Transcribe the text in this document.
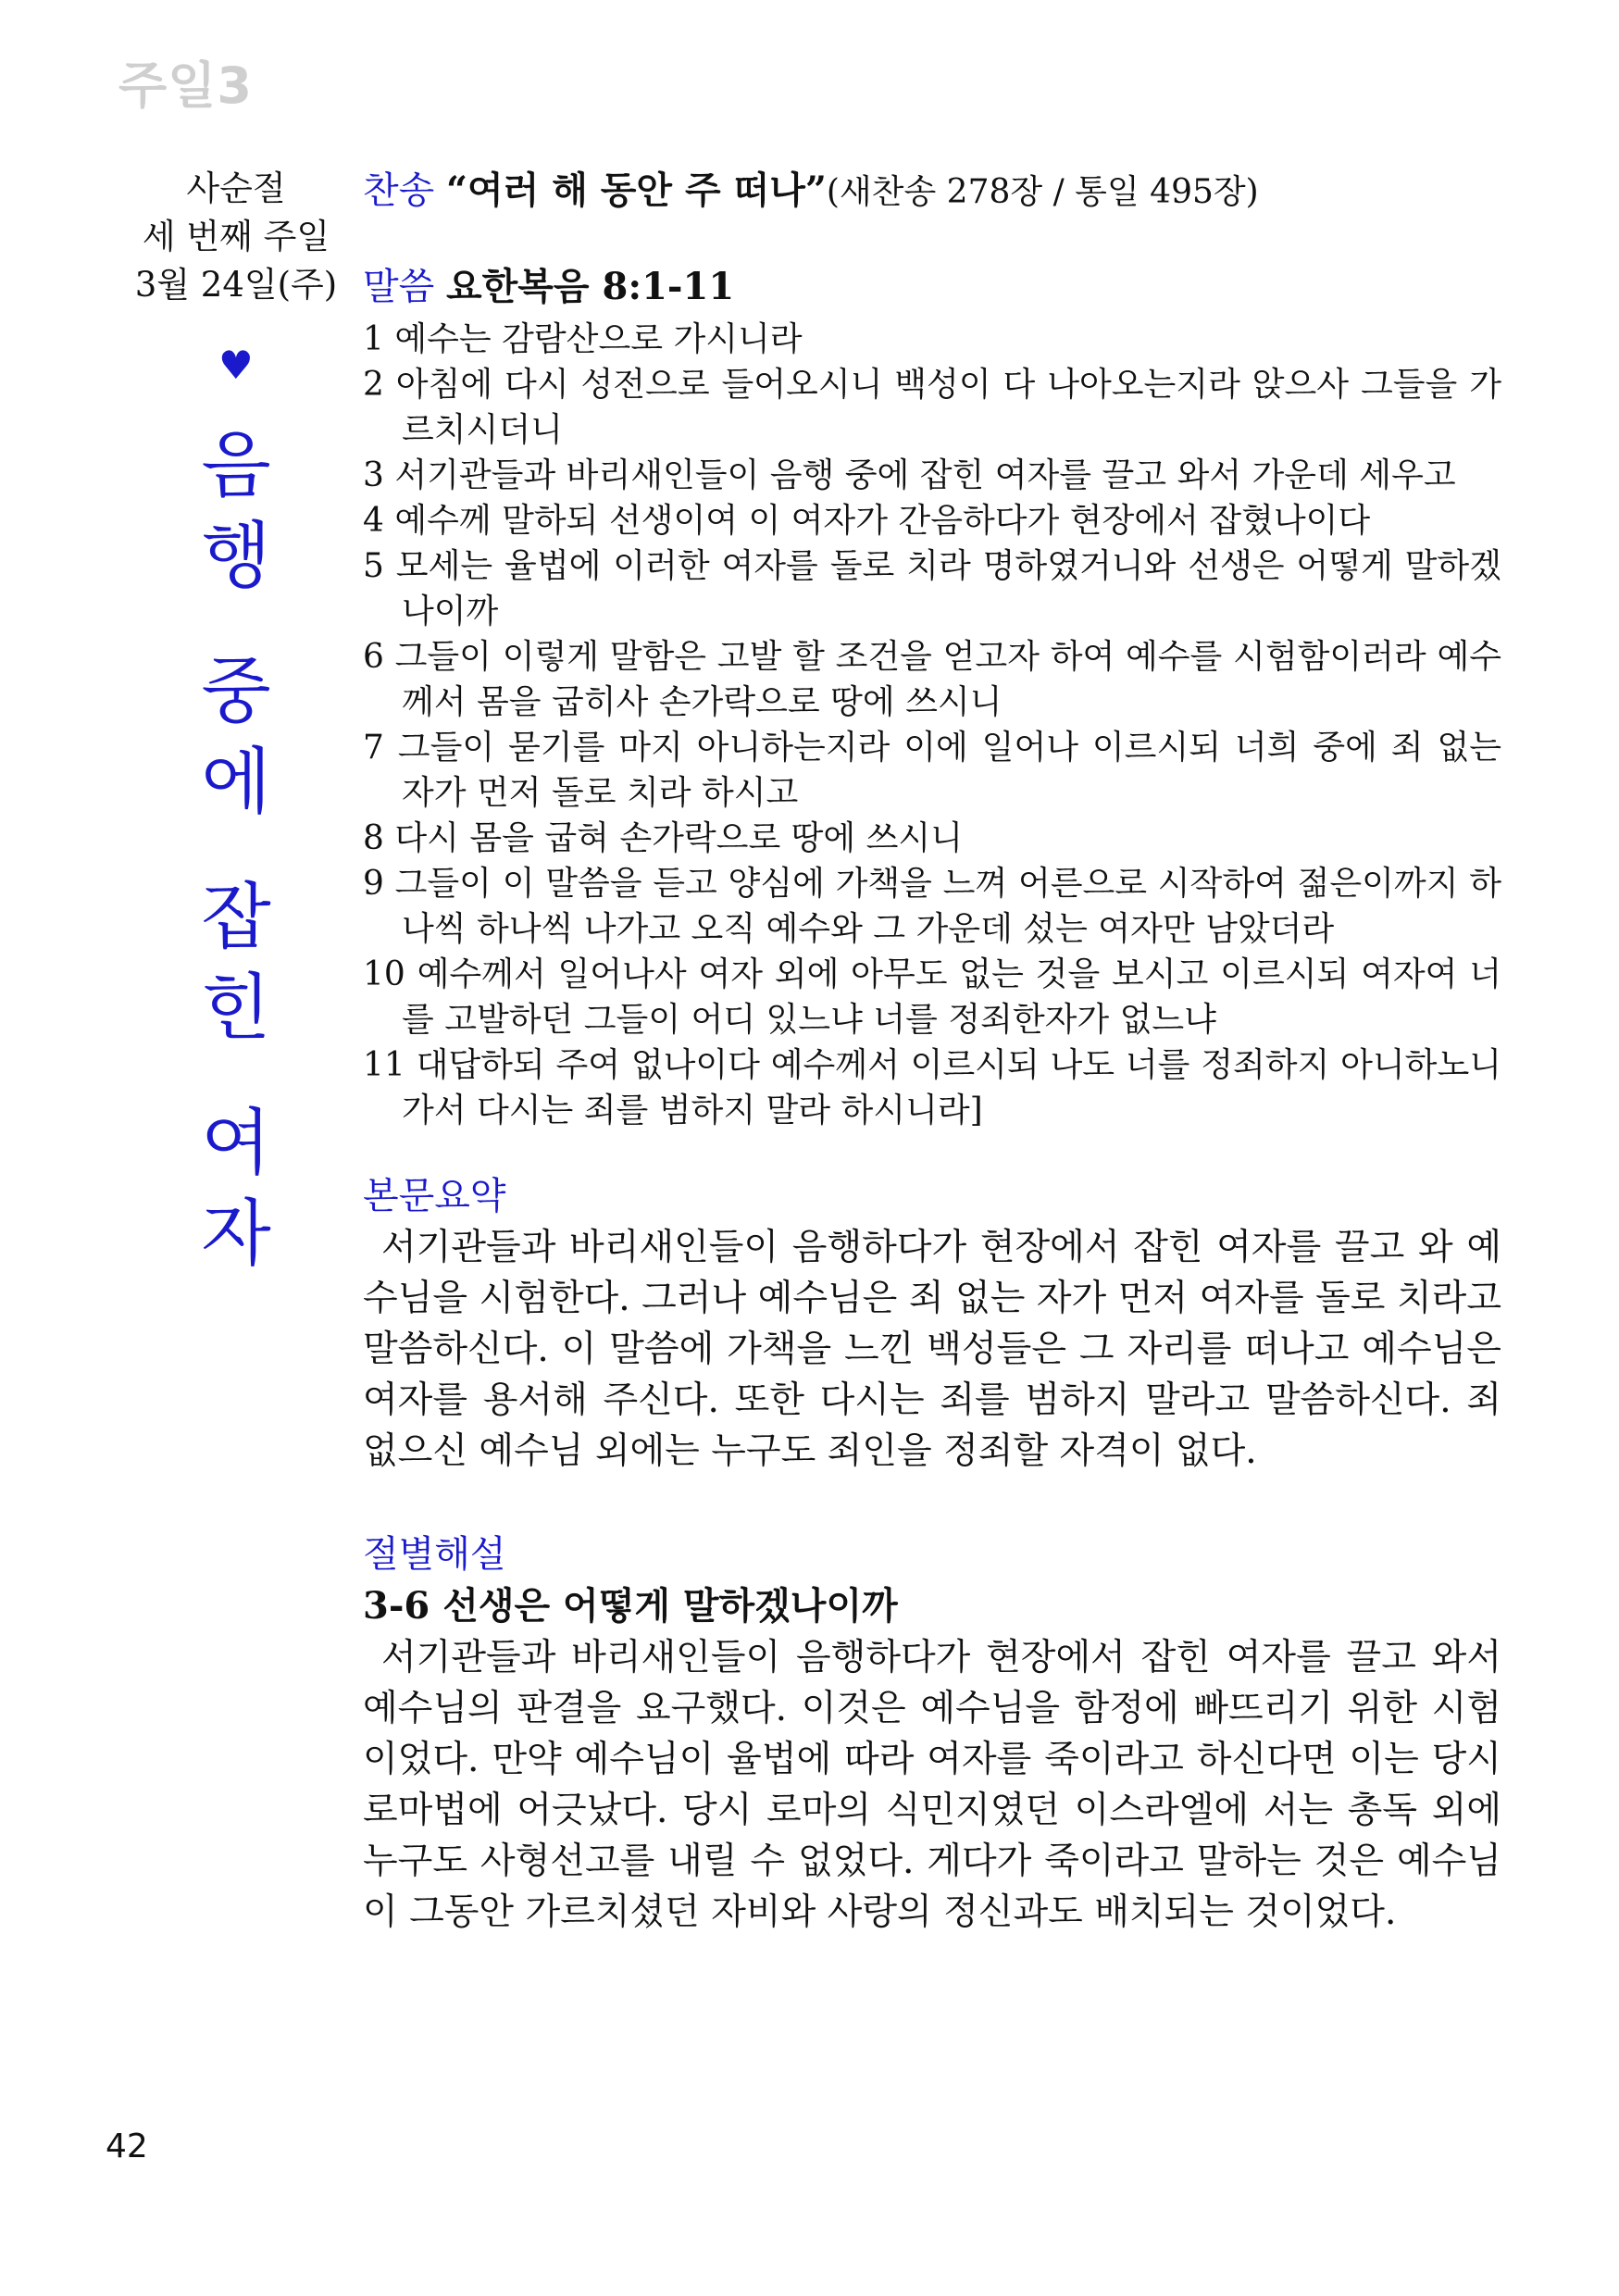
주일3
사순절
세 번째 주일
3월 24일(주)
♥
음
행
중
에
잡
힌
여
자
찬송 “여러 해 동안 주 떠나”(새찬송 278장 / 통일 495장)
말씀 요한복음 8:1-11
1 예수는 감람산으로 가시니라
2 아침에 다시 성전으로 들어오시니 백성이 다 나아오는지라 앉으사 그들을 가르치시더니
3 서기관들과 바리새인들이 음행 중에 잡힌 여자를 끌고 와서 가운데 세우고
4 예수께 말하되 선생이여 이 여자가 간음하다가 현장에서 잡혔나이다
5 모세는 율법에 이러한 여자를 돌로 치라 명하였거니와 선생은 어떻게 말하겠나이까
6 그들이 이렇게 말함은 고발 할 조건을 얻고자 하여 예수를 시험함이러라 예수께서 몸을 굽히사 손가락으로 땅에 쓰시니
7 그들이 묻기를 마지 아니하는지라 이에 일어나 이르시되 너희 중에 죄 없는 자가 먼저 돌로 치라 하시고
8 다시 몸을 굽혀 손가락으로 땅에 쓰시니
9 그들이 이 말씀을 듣고 양심에 가책을 느껴 어른으로 시작하여 젊은이까지 하나씩 하나씩 나가고 오직 예수와 그 가운데 섰는 여자만 남았더라
10 예수께서 일어나사 여자 외에 아무도 없는 것을 보시고 이르시되 여자여 너를 고발하던 그들이 어디 있느냐 너를 정죄한자가 없느냐
11 대답하되 주여 없나이다 예수께서 이르시되 나도 너를 정죄하지 아니하노니 가서 다시는 죄를 범하지 말라 하시니라]
본문요약
서기관들과 바리새인들이 음행하다가 현장에서 잡힌 여자를 끌고 와 예수님을 시험한다. 그러나 예수님은 죄 없는 자가 먼저 여자를 돌로 치라고 말씀하신다. 이 말씀에 가책을 느낀 백성들은 그 자리를 떠나고 예수님은 여자를 용서해 주신다. 또한 다시는 죄를 범하지 말라고 말씀하신다. 죄 없으신 예수님 외에는 누구도 죄인을 정죄할 자격이 없다.
절별해설
3-6 선생은 어떻게 말하겠나이까
서기관들과 바리새인들이 음행하다가 현장에서 잡힌 여자를 끌고 와서 예수님의 판결을 요구했다. 이것은 예수님을 함정에 빠뜨리기 위한 시험이었다. 만약 예수님이 율법에 따라 여자를 죽이라고 하신다면 이는 당시 로마법에 어긋났다. 당시 로마의 식민지였던 이스라엘에 서는 총독 외에 누구도 사형선고를 내릴 수 없었다. 게다가 죽이라고 말하는 것은 예수님이 그동안 가르치셨던 자비와 사랑의 정신과도 배치되는 것이었다.
42
